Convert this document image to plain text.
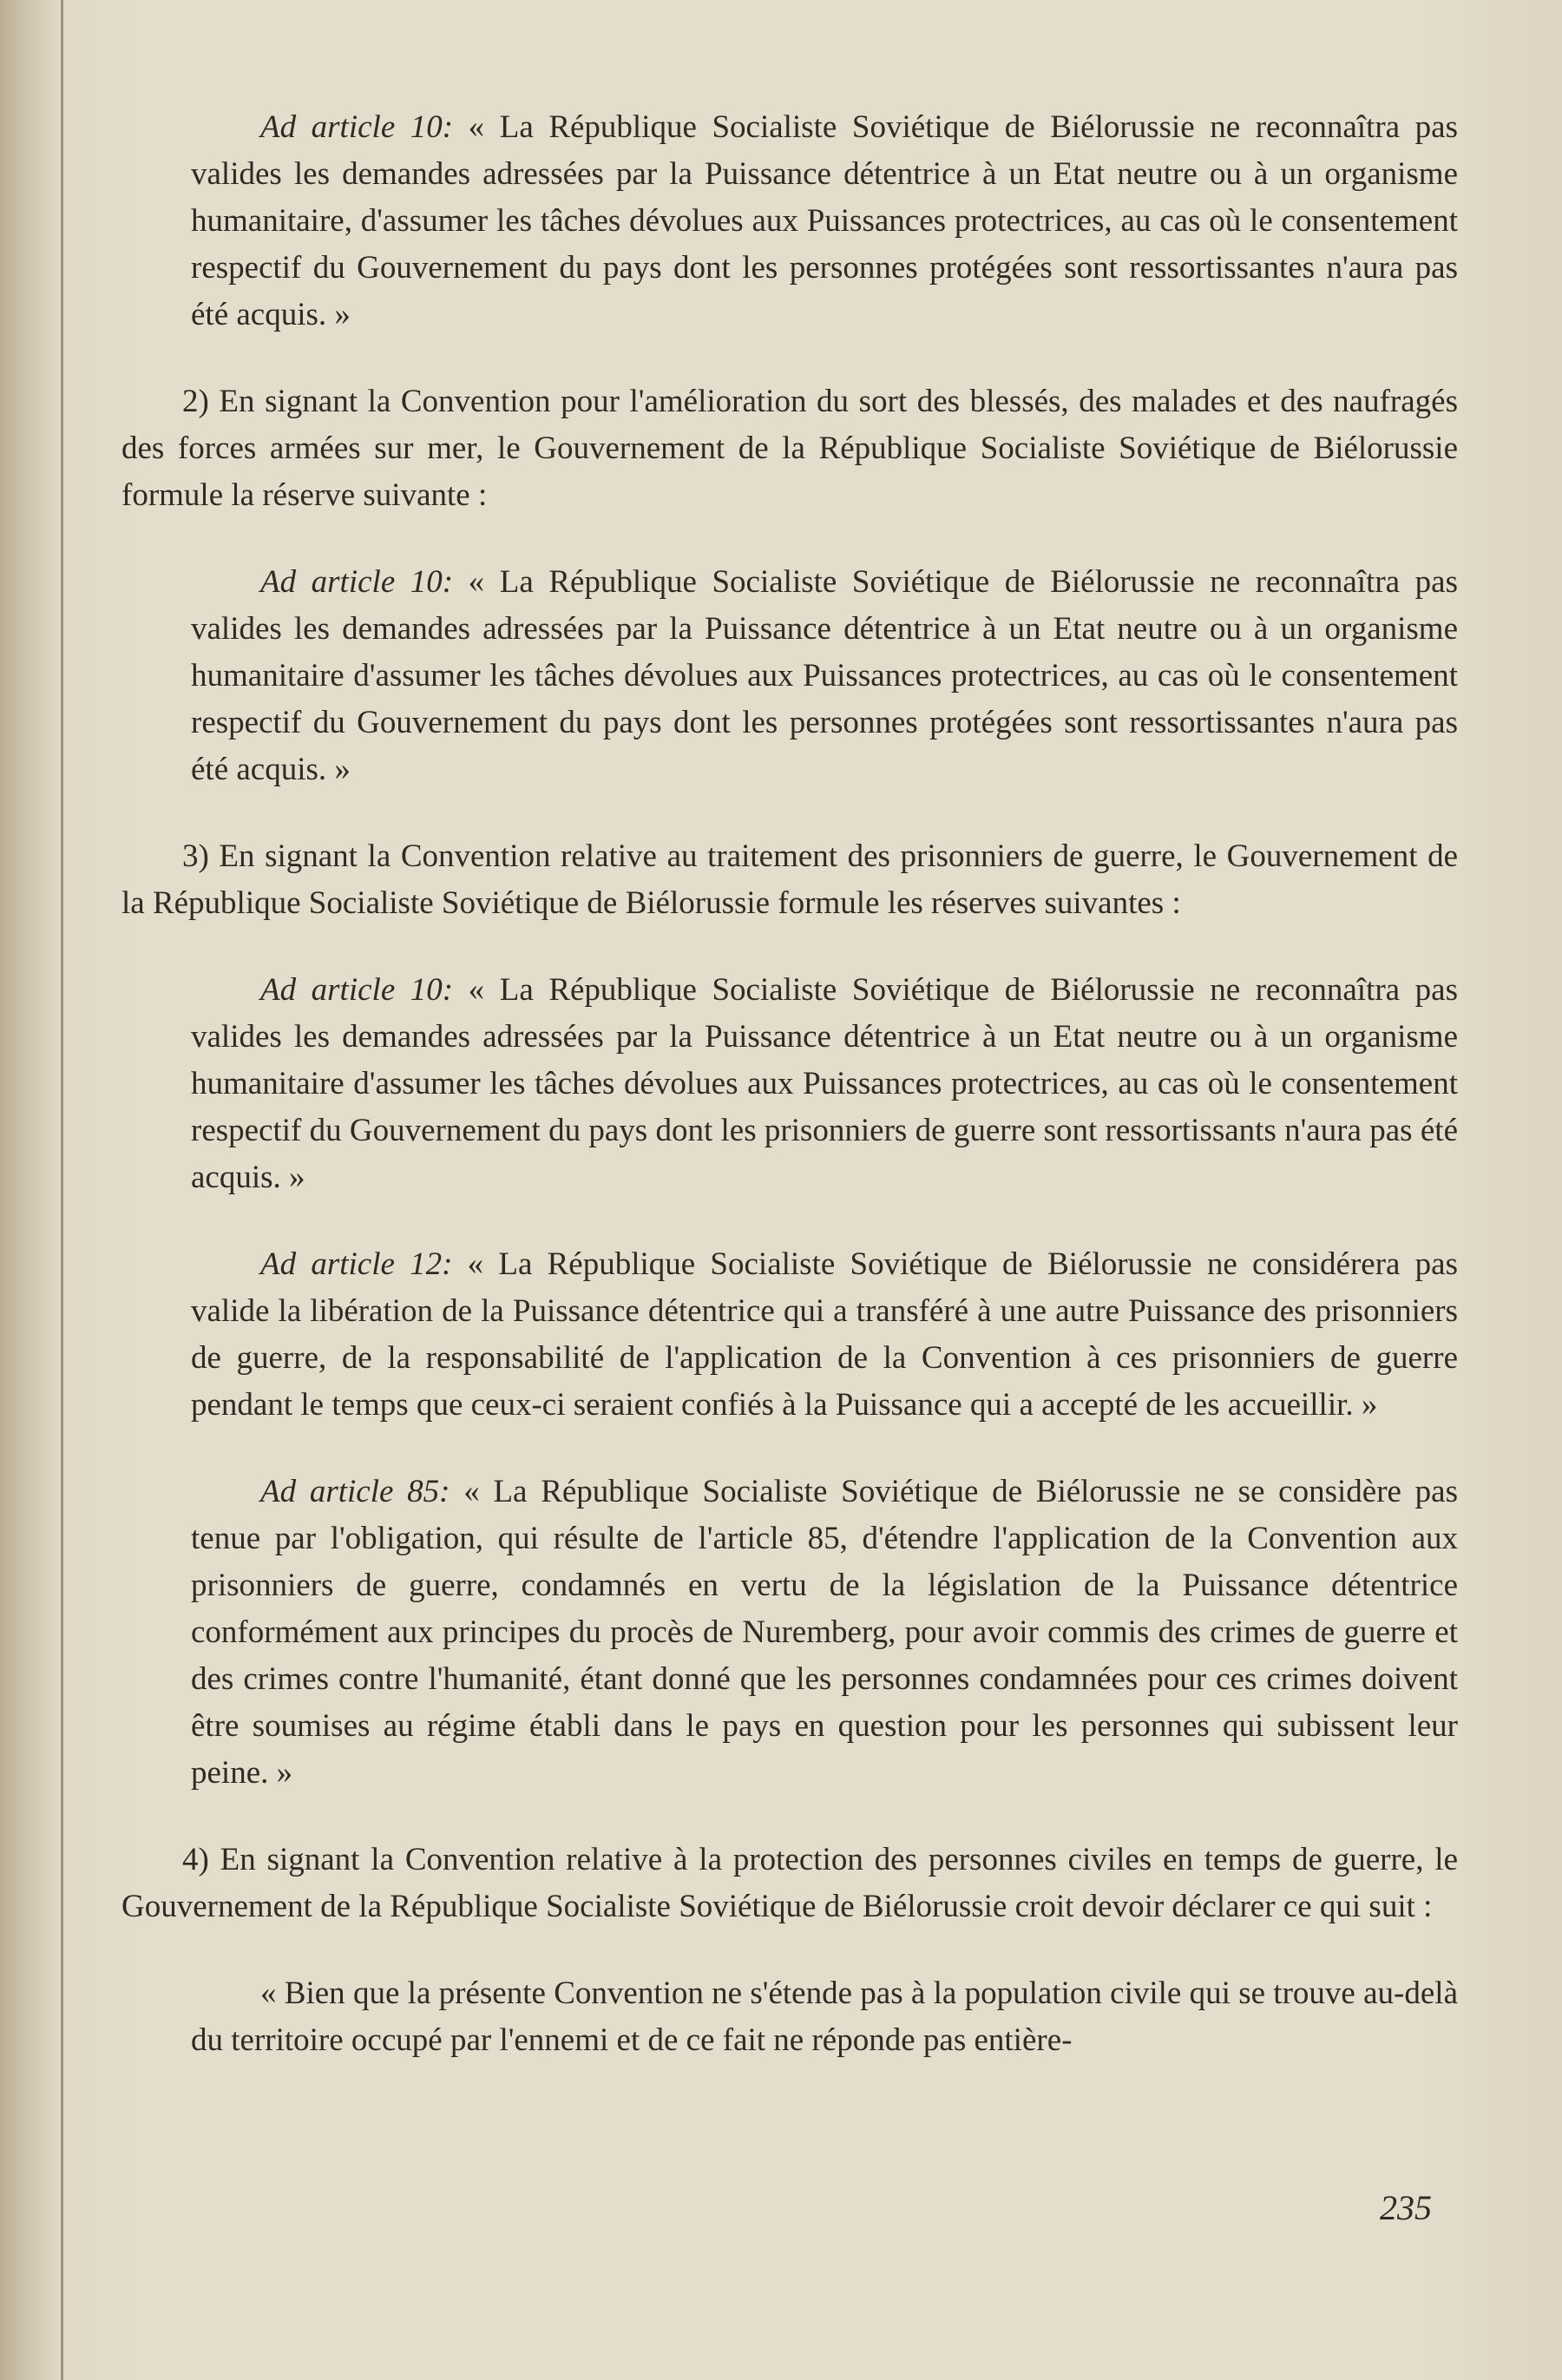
Ad article 10: « La République Socialiste Soviétique de Biélorussie ne reconnaîtra pas valides les demandes adressées par la Puissance détentrice à un Etat neutre ou à un organisme humanitaire, d'assumer les tâches dévolues aux Puissances protectrices, au cas où le consentement respectif du Gouvernement du pays dont les personnes protégées sont ressortissantes n'aura pas été acquis. »

2) En signant la Convention pour l'amélioration du sort des blessés, des malades et des naufragés des forces armées sur mer, le Gouvernement de la République Socialiste Soviétique de Biélorussie formule la réserve suivante :

Ad article 10: « La République Socialiste Soviétique de Biélorussie ne reconnaîtra pas valides les demandes adressées par la Puissance détentrice à un Etat neutre ou à un organisme humanitaire d'assumer les tâches dévolues aux Puissances protectrices, au cas où le consentement respectif du Gouvernement du pays dont les personnes protégées sont ressortissantes n'aura pas été acquis. »

3) En signant la Convention relative au traitement des prisonniers de guerre, le Gouvernement de la République Socialiste Soviétique de Biélorussie formule les réserves suivantes :

Ad article 10: « La République Socialiste Soviétique de Biélorussie ne reconnaîtra pas valides les demandes adressées par la Puissance détentrice à un Etat neutre ou à un organisme humanitaire d'assumer les tâches dévolues aux Puissances protectrices, au cas où le consentement respectif du Gouvernement du pays dont les prisonniers de guerre sont ressortissants n'aura pas été acquis. »

Ad article 12: « La République Socialiste Soviétique de Biélorussie ne considérera pas valide la libération de la Puissance détentrice qui a transféré à une autre Puissance des prisonniers de guerre, de la responsabilité de l'application de la Convention à ces prisonniers de guerre pendant le temps que ceux-ci seraient confiés à la Puissance qui a accepté de les accueillir. »

Ad article 85: « La République Socialiste Soviétique de Biélorussie ne se considère pas tenue par l'obligation, qui résulte de l'article 85, d'étendre l'application de la Convention aux prisonniers de guerre, condamnés en vertu de la législation de la Puissance détentrice conformément aux principes du procès de Nuremberg, pour avoir commis des crimes de guerre et des crimes contre l'humanité, étant donné que les personnes condamnées pour ces crimes doivent être soumises au régime établi dans le pays en question pour les personnes qui subissent leur peine. »

4) En signant la Convention relative à la protection des personnes civiles en temps de guerre, le Gouvernement de la République Socialiste Soviétique de Biélorussie croit devoir déclarer ce qui suit :

« Bien que la présente Convention ne s'étende pas à la population civile qui se trouve au-delà du territoire occupé par l'ennemi et de ce fait ne réponde pas entière-

235
